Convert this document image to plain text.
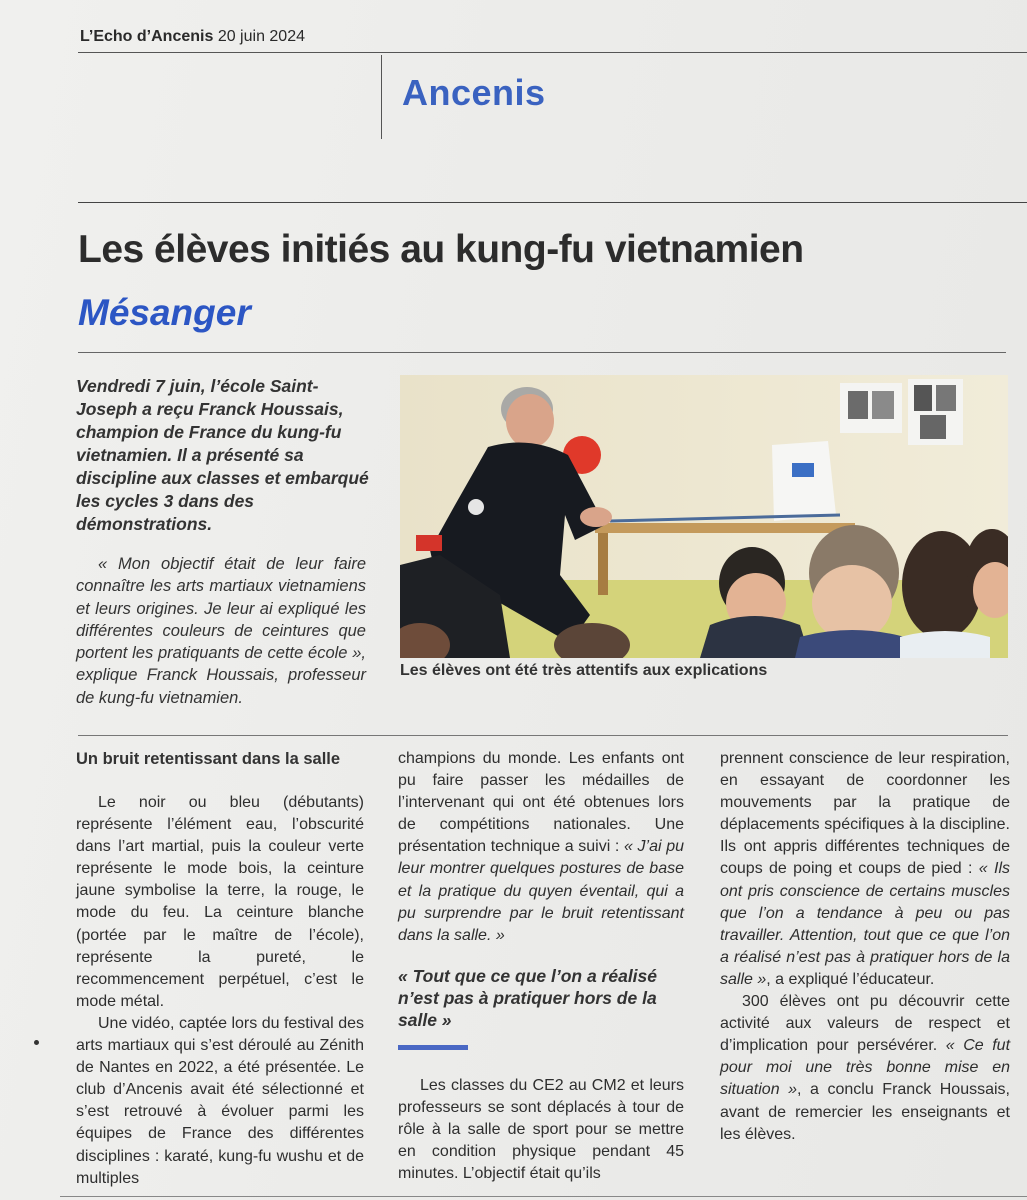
L’Echo d’Ancenis 20 juin 2024
Ancenis
Les élèves initiés au kung-fu vietnamien
Mésanger
Vendredi 7 juin, l’école Saint-Joseph a reçu Franck Houssais, champion de France du kung-fu vietnamien. Il a présenté sa discipline aux classes et embarqué les cycles 3 dans des démonstrations.
« Mon objectif était de leur faire connaître les arts martiaux vietnamiens et leurs origines. Je leur ai expliqué les différentes couleurs de ceintures que portent les pratiquants de cette école », explique Franck Houssais, professeur de kung-fu vietnamien.
Les élèves ont été très attentifs aux explications
Un bruit retentissant dans la salle

Le noir ou bleu (débutants) représente l’élément eau, l’obscurité dans l’art martial, puis la couleur verte représente le mode bois, la ceinture jaune symbolise la terre, la rouge, le mode du feu. La ceinture blanche (portée par le maître de l’école), représente la pureté, le recommencement perpétuel, c’est le mode métal.

Une vidéo, captée lors du festival des arts martiaux qui s’est déroulé au Zénith de Nantes en 2022, a été présentée. Le club d’Ancenis avait été sélectionné et s’est retrouvé à évoluer parmi les équipes de France des différentes disciplines : karaté, kung-fu wushu et de multiples

champions du monde. Les enfants ont pu faire passer les médailles de l’intervenant qui ont été obtenues lors de compétitions nationales. Une présentation technique a suivi : « J’ai pu leur montrer quelques postures de base et la pratique du quyen éventail, qui a pu surprendre par le bruit retentissant dans la salle. »

« Tout que ce que l’on a réalisé n’est pas à pratiquer hors de la salle »

Les classes du CE2 au CM2 et leurs professeurs se sont déplacés à tour de rôle à la salle de sport pour se mettre en condition physique pendant 45 minutes. L’objectif était qu’ils

prennent conscience de leur respiration, en essayant de coordonner les mouvements par la pratique de déplacements spécifiques à la discipline. Ils ont appris différentes techniques de coups de poing et coups de pied : « Ils ont pris conscience de certains muscles que l’on a tendance à peu ou pas travailler. Attention, tout que ce que l’on a réalisé n’est pas à pratiquer hors de la salle », a expliqué l’éducateur.

300 élèves ont pu découvrir cette activité aux valeurs de respect et d’implication pour persévérer. « Ce fut pour moi une très bonne mise en situation », a conclu Franck Houssais, avant de remercier les enseignants et les élèves.
